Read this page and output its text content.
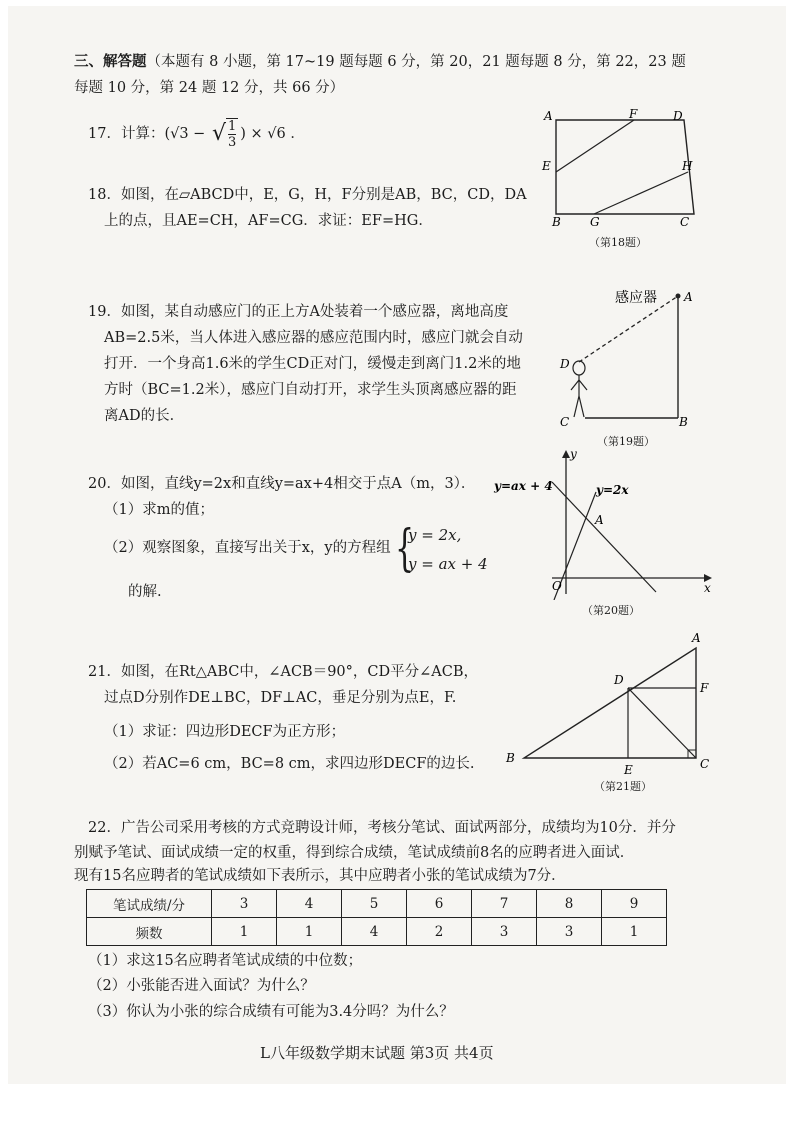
三、解答题（本题有 8 小题，第 17~19 题每题 6 分，第 20，21 题每题 8 分，第 22，23 题
每题 10 分，第 24 题 12 分，共 66 分）
17．计算：(√3 − √ $\frac{1}{3}$ ) × √6 ．
18．如图，在▱ABCD中，E，G，H，F分别是AB，BC，CD，DA
上的点，且AE=CH，AF=CG．求证：EF=HG．
A	F	D
E	H
B G	C
（第18题）
19．如图，某自动感应门的正上方A处装着一个感应器，离地高度
AB=2.5米，当人体进入感应器的感应范围内时，感应门就会自动
打开．一个身高1.6米的学生CD正对门，缓慢走到离门1.2米的地
方时（BC=1.2米），感应门自动打开，求学生头顶离感应器的距
离AD的长．
感应器 A
D
C	B
（第19题）
20．如图，直线y=2x和直线y=ax+4相交于点A（m，3）．
（1）求m的值；
（2）观察图象，直接写出关于x，y的方程组 {
y = 2x,
y = ax + 4
的解.
y
x
O
A
y=ax + 4	y=2x
（第20题）
21．如图，在Rt△ABC中，∠ACB＝90°，CD平分∠ACB，
过点D分别作DE⊥BC，DF⊥AC，垂足分别为点E，F.
（1）求证：四边形DECF为正方形；
（2）若AC=6 cm，BC=8 cm，求四边形DECF的边长.
A
D
F
B
E	C
（第21题）
22．广告公司采用考核的方式竞聘设计师，考核分笔试、面试两部分，成绩均为10分．并分
别赋予笔试、面试成绩一定的权重，得到综合成绩，笔试成绩前8名的应聘者进入面试．
现有15名应聘者的笔试成绩如下表所示，其中应聘者小张的笔试成绩为7分．
笔试成绩/分	3	4	5	6	7	8	9
频数	1	1	4	2	3	3	1
（1）求这15名应聘者笔试成绩的中位数；
（2）小张能否进入面试？为什么？
（3）你认为小张的综合成绩有可能为3.4分吗？为什么？
L八年级数学期末试题 第3页 共4页
